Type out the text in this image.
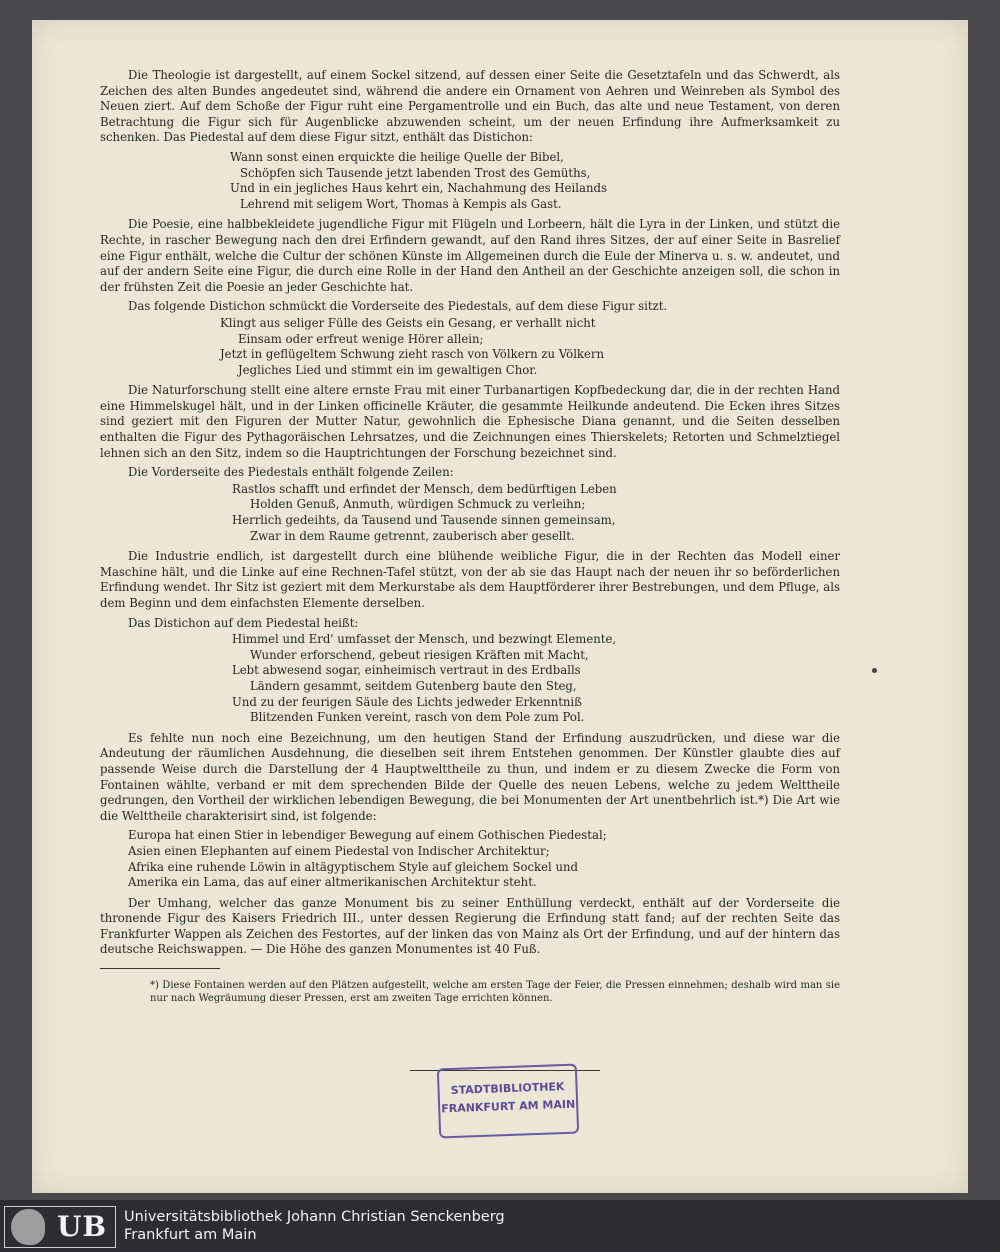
Die Theologie ist dargestellt, auf einem Sockel sitzend, auf dessen einer Seite die Gesetztafeln und das Schwerdt, als Zeichen des alten Bundes angedeutet sind, während die andere ein Ornament von Aehren und Weinreben als Symbol des Neuen ziert. Auf dem Schoße der Figur ruht eine Pergamentrolle und ein Buch, das alte und neue Testament, von deren Betrachtung die Figur sich für Augenblicke abzuwenden scheint, um der neuen Erfindung ihre Aufmerksamkeit zu schenken. Das Piedestal auf dem diese Figur sitzt, enthält das Distichon:

Wann sonst einen erquickte die heilige Quelle der Bibel,
Schöpfen sich Tausende jetzt labenden Trost des Gemüths,
Und in ein jegliches Haus kehrt ein, Nachahmung des Heilands
Lehrend mit seligem Wort, Thomas à Kempis als Gast.

Die Poesie, eine halbbekleidete jugendliche Figur mit Flügeln und Lorbeern, hält die Lyra in der Linken, und stützt die Rechte, in rascher Bewegung nach den drei Erfindern gewandt, auf den Rand ihres Sitzes, der auf einer Seite in Basrelief eine Figur enthält, welche die Cultur der schönen Künste im Allgemeinen durch die Eule der Minerva u. s. w. andeutet, und auf der andern Seite eine Figur, die durch eine Rolle in der Hand den Antheil an der Geschichte anzeigen soll, die schon in der frühsten Zeit die Poesie an jeder Geschichte hat.

Das folgende Distichon schmückt die Vorderseite des Piedestals, auf dem diese Figur sitzt.

Klingt aus seliger Fülle des Geists ein Gesang, er verhallt nicht
Einsam oder erfreut wenige Hörer allein;
Jetzt in geflügeltem Schwung zieht rasch von Völkern zu Völkern
Jegliches Lied und stimmt ein im gewaltigen Chor.

Die Naturforschung stellt eine altere ernste Frau mit einer Turbanartigen Kopfbedeckung dar, die in der rechten Hand eine Himmelskugel hält, und in der Linken officinelle Kräuter, die gesammte Heilkunde andeutend. Die Ecken ihres Sitzes sind geziert mit den Figuren der Mutter Natur, gewohnlich die Ephesische Diana genannt, und die Seiten desselben enthalten die Figur des Pythagoräischen Lehrsatzes, und die Zeichnungen eines Thierskelets; Retorten und Schmelztiegel lehnen sich an den Sitz, indem so die Hauptrichtungen der Forschung bezeichnet sind.

Die Vorderseite des Piedestals enthält folgende Zeilen:

Rastlos schafft und erfindet der Mensch, dem bedürftigen Leben
Holden Genuß, Anmuth, würdigen Schmuck zu verleihn;
Herrlich gedeihts, da Tausend und Tausende sinnen gemeinsam,
Zwar in dem Raume getrennt, zauberisch aber gesellt.

Die Industrie endlich, ist dargestellt durch eine blühende weibliche Figur, die in der Rechten das Modell einer Maschine hält, und die Linke auf eine Rechnen-Tafel stützt, von der ab sie das Haupt nach der neuen ihr so beförderlichen Erfindung wendet. Ihr Sitz ist geziert mit dem Merkurstabe als dem Hauptförderer ihrer Bestrebungen, und dem Pfluge, als dem Beginn und dem einfachsten Elemente derselben.

Das Distichon auf dem Piedestal heißt:

Himmel und Erd' umfasset der Mensch, und bezwingt Elemente,
Wunder erforschend, gebeut riesigen Kräften mit Macht,
Lebt abwesend sogar, einheimisch vertraut in des Erdballs
Ländern gesammt, seitdem Gutenberg baute den Steg,
Und zu der feurigen Säule des Lichts jedweder Erkenntniß
Blitzenden Funken vereint, rasch von dem Pole zum Pol.

Es fehlte nun noch eine Bezeichnung, um den heutigen Stand der Erfindung auszudrücken, und diese war die Andeutung der räumlichen Ausdehnung, die dieselben seit ihrem Entstehen genommen. Der Künstler glaubte dies auf passende Weise durch die Darstellung der 4 Hauptwelttheile zu thun, und indem er zu diesem Zwecke die Form von Fontainen wählte, verband er mit dem sprechenden Bilde der Quelle des neuen Lebens, welche zu jedem Welttheile gedrungen, den Vortheil der wirklichen lebendigen Bewegung, die bei Monumenten der Art unentbehrlich ist.*) Die Art wie die Welttheile charakterisirt sind, ist folgende:

Europa hat einen Stier in lebendiger Bewegung auf einem Gothischen Piedestal;
Asien einen Elephanten auf einem Piedestal von Indischer Architektur;
Afrika eine ruhende Löwin in altägyptischem Style auf gleichem Sockel und
Amerika ein Lama, das auf einer altmerikanischen Architektur steht.

Der Umhang, welcher das ganze Monument bis zu seiner Enthüllung verdeckt, enthält auf der Vorderseite die thronende Figur des Kaisers Friedrich III., unter dessen Regierung die Erfindung statt fand; auf der rechten Seite das Frankfurter Wappen als Zeichen des Festortes, auf der linken das von Mainz als Ort der Erfindung, und auf der hintern das deutsche Reichswappen. — Die Höhe des ganzen Monumentes ist 40 Fuß.

*) Diese Fontainen werden auf den Plätzen aufgestellt, welche am ersten Tage der Feier, die Pressen einnehmen; deshalb wird man sie nur nach Wegräumung dieser Pressen, erst am zweiten Tage errichten können.

STADTBIBLIOTHEK
FRANKFURT AM MAIN
UB Universitätsbibliothek Johann Christian Senckenberg
Frankfurt am Main
